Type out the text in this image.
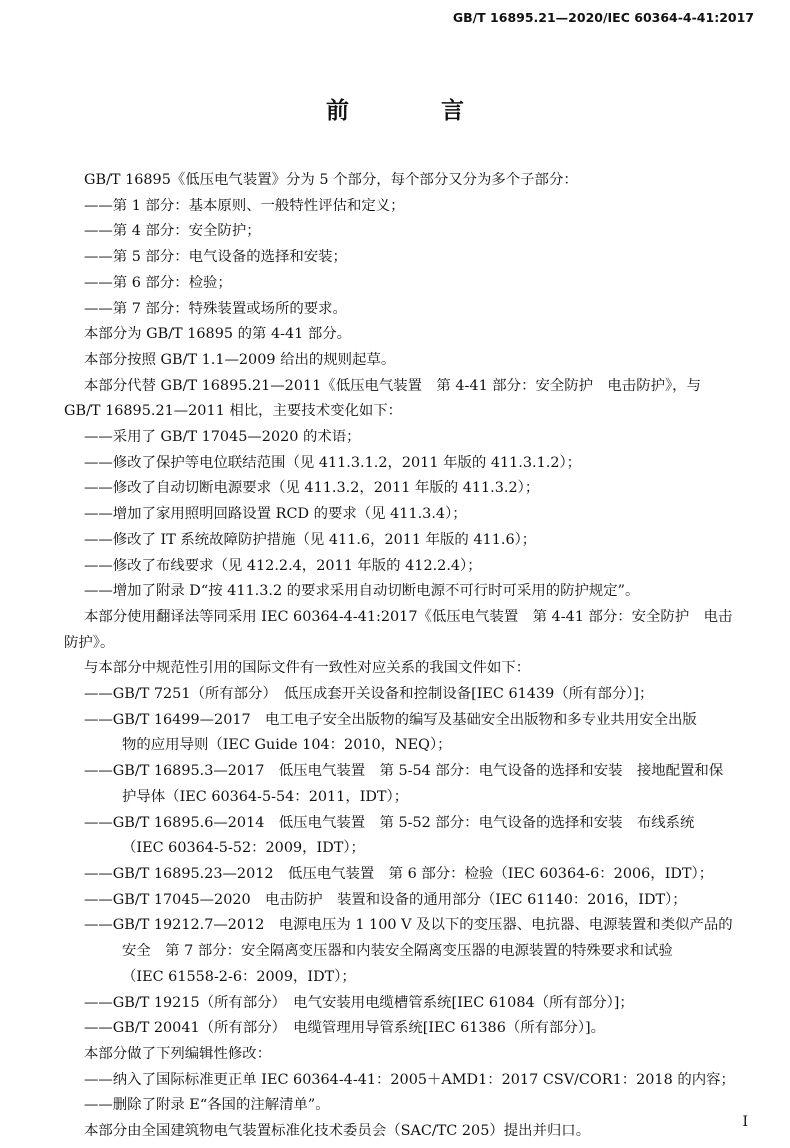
GB/T 16895.21—2020/IEC 60364-4-41:2017
前 言

GB/T 16895《低压电气装置》分为 5 个部分，每个部分又分为多个子部分：

——第 1 部分：基本原则、一般特性评估和定义；

——第 4 部分：安全防护；

——第 5 部分：电气设备的选择和安装；

——第 6 部分：检验；

——第 7 部分：特殊装置或场所的要求。

本部分为 GB/T 16895 的第 4-41 部分。

本部分按照 GB/T 1.1—2009 给出的规则起草。

本部分代替 GB/T 16895.21—2011《低压电气装置　第 4-41 部分：安全防护　电击防护》，与

GB/T 16895.21—2011 相比，主要技术变化如下：

——采用了 GB/T 17045—2020 的术语；

——修改了保护等电位联结范围（见 411.3.1.2，2011 年版的 411.3.1.2）；

——修改了自动切断电源要求（见 411.3.2，2011 年版的 411.3.2）；

——增加了家用照明回路设置 RCD 的要求（见 411.3.4）；

——修改了 IT 系统故障防护措施（见 411.6，2011 年版的 411.6）；

——修改了布线要求（见 412.2.4，2011 年版的 412.2.4）；

——增加了附录 D“按 411.3.2 的要求采用自动切断电源不可行时可采用的防护规定”。

本部分使用翻译法等同采用 IEC 60364-4-41:2017《低压电气装置　第 4-41 部分：安全防护　电击

防护》。

与本部分中规范性引用的国际文件有一致性对应关系的我国文件如下：

——GB/T 7251（所有部分）　低压成套开关设备和控制设备[IEC 61439（所有部分）]；

——GB/T 16499—2017　电工电子安全出版物的编写及基础安全出版物和多专业共用安全出版
物的应用导则（IEC Guide 104：2010，NEQ）；

——GB/T 16895.3—2017　低压电气装置　第 5-54 部分：电气设备的选择和安装　接地配置和保
护导体（IEC 60364-5-54：2011，IDT）；

——GB/T 16895.6—2014　低压电气装置　第 5-52 部分：电气设备的选择和安装　布线系统
（IEC 60364-5-52：2009，IDT）；

——GB/T 16895.23—2012　低压电气装置　第 6 部分：检验（IEC 60364-6：2006，IDT）；

——GB/T 17045—2020　电击防护　装置和设备的通用部分（IEC 61140：2016，IDT）；

——GB/T 19212.7—2012　电源电压为 1 100 V 及以下的变压器、电抗器、电源装置和类似产品的
安全　第 7 部分：安全隔离变压器和内装安全隔离变压器的电源装置的特殊要求和试验
（IEC 61558-2-6：2009，IDT）；

——GB/T 19215（所有部分）　电气安装用电缆槽管系统[IEC 61084（所有部分）]；

——GB/T 20041（所有部分）　电缆管理用导管系统[IEC 61386（所有部分）]。

本部分做了下列编辑性修改：

——纳入了国际标准更正单 IEC 60364-4-41：2005＋AMD1：2017 CSV/COR1：2018 的内容；

——删除了附录 E“各国的注解清单”。

本部分由全国建筑物电气装置标准化技术委员会（SAC/TC 205）提出并归口。

I
